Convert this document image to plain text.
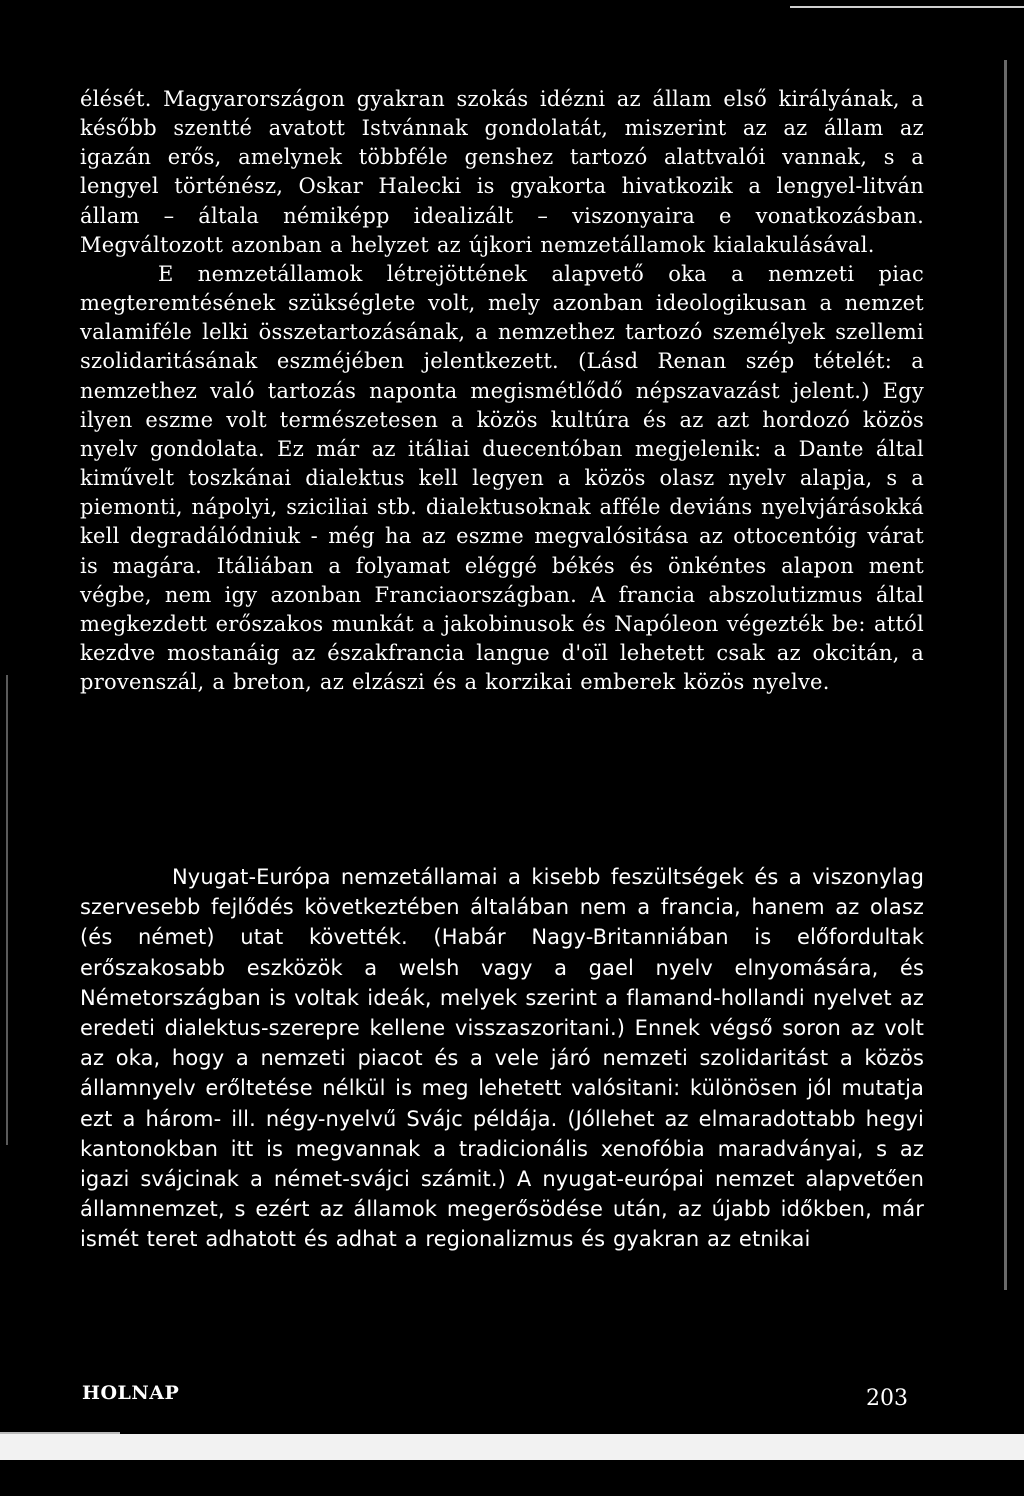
élését. Magyarországon gyakran szokás idézni az állam első királyának, a később szentté avatott Istvánnak gondolatát, miszerint az az állam az igazán erős, amelynek többféle genshez tartozó alattvalói vannak, s a lengyel történész, Oskar Halecki is gyakorta hivatkozik a lengyel-litván állam – általa némiképp idealizált – viszonyaira e vonatkozásban. Megváltozott azonban a helyzet az újkori nemzetállamok kialakulásával.

E nemzetállamok létrejöttének alapvető oka a nemzeti piac megteremtésének szükséglete volt, mely azonban ideologikusan a nemzet valamiféle lelki összetartozásának, a nemzethez tartozó személyek szellemi szolidaritásának eszméjében jelentkezett. (Lásd Renan szép tételét: a nemzethez való tartozás naponta megismétlődő népszavazást jelent.) Egy ilyen eszme volt természetesen a közös kultúra és az azt hordozó közös nyelv gondolata. Ez már az itáliai duecentóban megjelenik: a Dante által kiművelt toszkánai dialektus kell legyen a közös olasz nyelv alapja, s a piemonti, nápolyi, sziciliai stb. dialektusoknak afféle deviáns nyelvjárásokká kell degradálódniuk - még ha az eszme megvalósitása az ottocentóig várat is magára. Itáliában a folyamat eléggé békés és önkéntes alapon ment végbe, nem igy azonban Franciaországban. A francia abszolutizmus által megkezdett erőszakos munkát a jakobinusok és Napóleon végezték be: attól kezdve mostanáig az északfrancia langue d'oïl lehetett csak az okcitán, a provenszál, a breton, az elzászi és a korzikai emberek közös nyelve.

Nyugat-Európa nemzetállamai a kisebb feszültségek és a viszonylag szervesebb fejlődés következtében általában nem a francia, hanem az olasz (és német) utat követték. (Habár Nagy-Britanniában is előfordultak erőszakosabb eszközök a welsh vagy a gael nyelv elnyomására, és Németországban is voltak ideák, melyek szerint a flamand-hollandi nyelvet az eredeti dialektus-szerepre kellene visszaszoritani.) Ennek végső soron az volt az oka, hogy a nemzeti piacot és a vele járó nemzeti szolidaritást a közös államnyelv erőltetése nélkül is meg lehetett valósitani: különösen jól mutatja ezt a három- ill. négy-nyelvű Svájc példája. (Jóllehet az elmaradottabb hegyi kantonokban itt is megvannak a tradicionális xenofóbia maradványai, s az igazi svájcinak a német-svájci számit.) A nyugat-európai nemzet alapvetően államnemzet, s ezért az államok megerősödése után, az újabb időkben, már ismét teret adhatott és adhat a regionalizmus és gyakran az etnikai

HOLNAP	203
